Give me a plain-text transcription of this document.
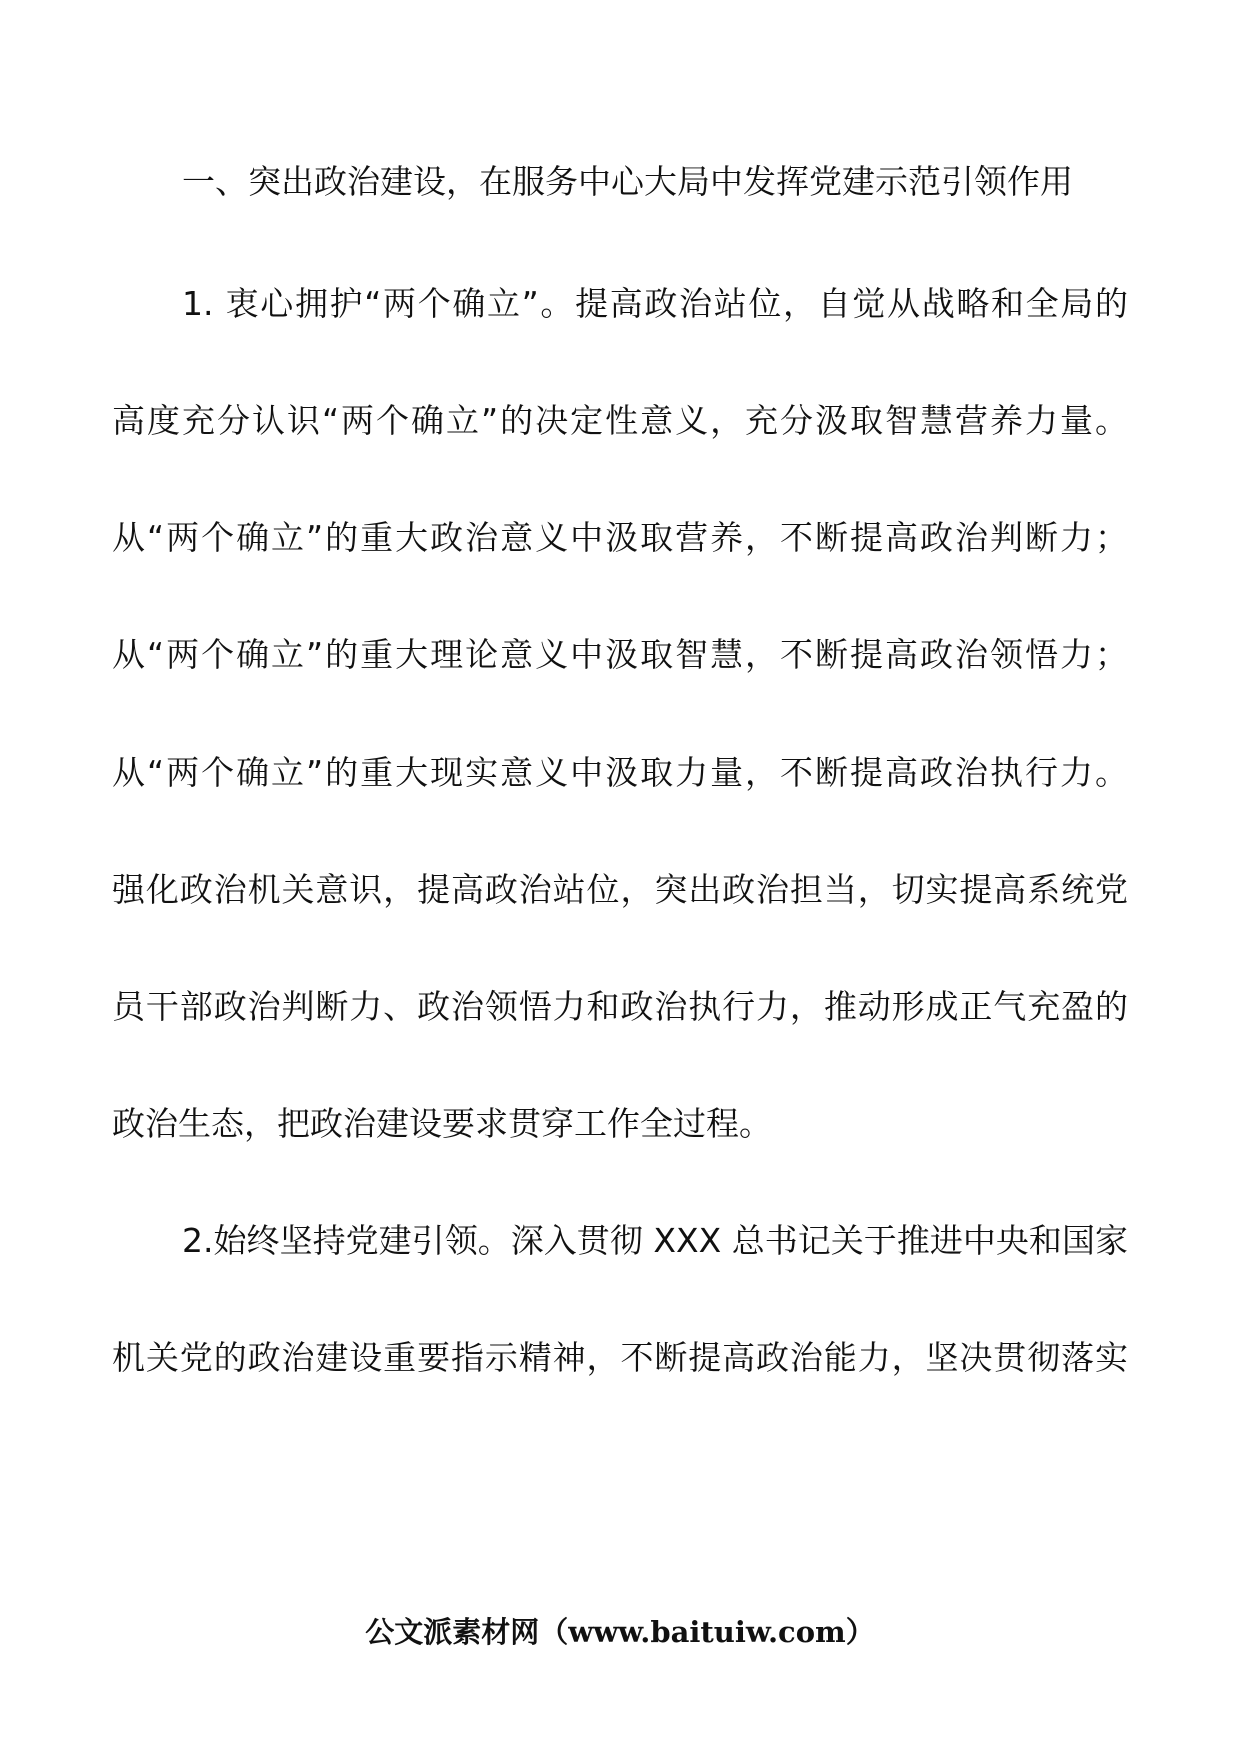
一、突出政治建设，在服务中心大局中发挥党建示范引领作用

1. 衷心拥护“两个确立”。提高政治站位，自觉从战略和全局的

高度充分认识“两个确立”的决定性意义，充分汲取智慧营养力量。

从“两个确立”的重大政治意义中汲取营养，不断提高政治判断力；

从“两个确立”的重大理论意义中汲取智慧，不断提高政治领悟力；

从“两个确立”的重大现实意义中汲取力量，不断提高政治执行力。

强化政治机关意识，提高政治站位，突出政治担当，切实提高系统党

员干部政治判断力、政治领悟力和政治执行力，推动形成正气充盈的

政治生态，把政治建设要求贯穿工作全过程。

2.始终坚持党建引领。深入贯彻 XXX 总书记关于推进中央和国家

机关党的政治建设重要指示精神，不断提高政治能力，坚决贯彻落实

公文派素材网（www.baituiw.com）
